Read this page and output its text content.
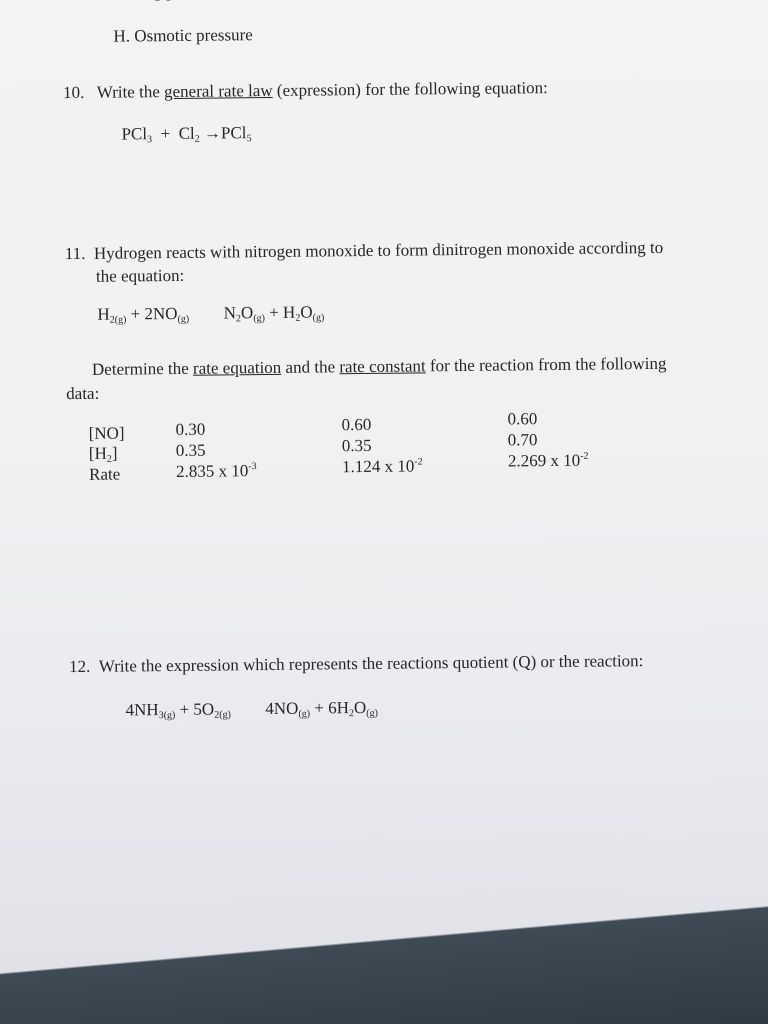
H. Osmotic pressure
10. Write the general rate law (expression) for the following equation:
$PCl_3 + Cl_2 \to PCl_5$
11. Hydrogen reacts with nitrogen monoxide to form dinitrogen monoxide according to
the equation:
$H_{2(g)} + 2NO_{(g)}$ $N_2O_{(g)} + H_2O_{(g)}$
Determine the rate equation and the rate constant for the reaction from the following
data:
[NO]
$[H_2]$
Rate
0.30
0.35
2.835 x $10^{-3}$
0.60
0.35
1.124 x $10^{-2}$
0.60
0.70
2.269 x $10^{-2}$
12. Write the expression which represents the reactions quotient (Q) or the reaction:
$4NH_{3(g)} + 5O_{2(g)}$ $4NO_{(g)} + 6H_2O_{(g)}$
